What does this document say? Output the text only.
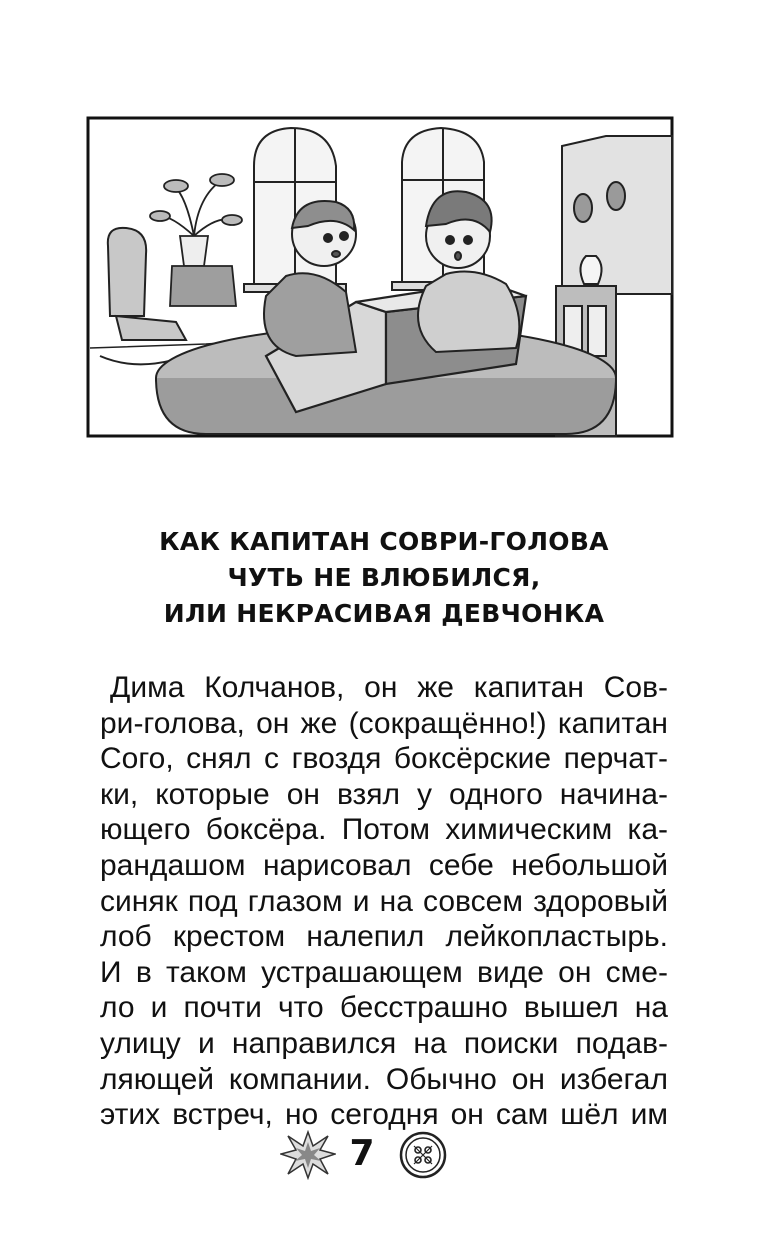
КАК КАПИТАН СОВРИ-ГОЛОВА
ЧУТЬ НЕ ВЛЮБИЛСЯ,
ИЛИ НЕКРАСИВАЯ ДЕВЧОНКА
Дима Колчанов, он же капитан Сов-
ри-голова, он же (сокращённо!) капитан
Сого, снял с гвоздя боксёрские перчат-
ки, которые он взял у одного начина-
ющего боксёра. Потом химическим ка-
рандашом нарисовал себе небольшой
синяк под глазом и на совсем здоровый
лоб крестом налепил лейкопластырь.
И в таком устрашающем виде он сме-
ло и почти что бесстрашно вышел на
улицу и направился на поиски подав-
ляющей компании. Обычно он избегал
этих встреч, но сегодня он сам шёл им
7
